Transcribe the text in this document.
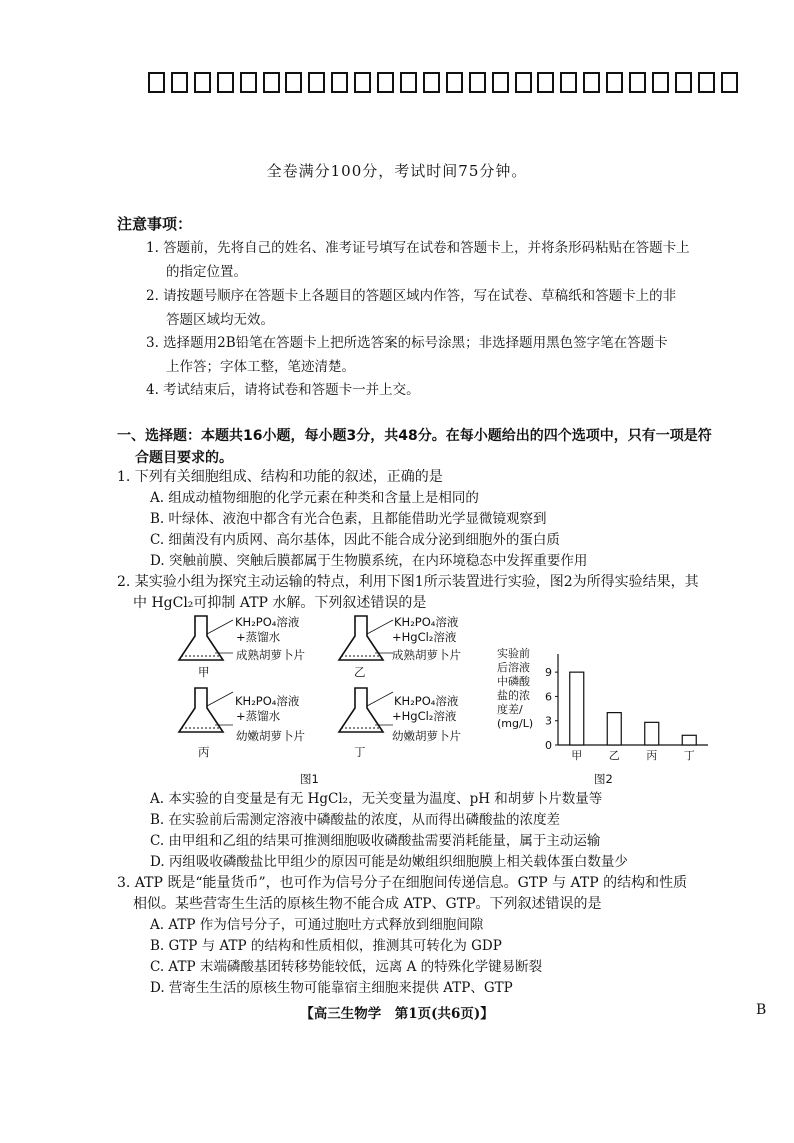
全卷满分100分，考试时间75分钟。
注意事项：
1. 答题前，先将自己的姓名、准考证号填写在试卷和答题卡上，并将条形码粘贴在答题卡上
的指定位置。
2. 请按题号顺序在答题卡上各题目的答题区域内作答，写在试卷、草稿纸和答题卡上的非
答题区域均无效。
3. 选择题用2B铅笔在答题卡上把所选答案的标号涂黑；非选择题用黑色签字笔在答题卡
上作答；字体工整，笔迹清楚。
4. 考试结束后，请将试卷和答题卡一并上交。
一、选择题：本题共16小题，每小题3分，共48分。在每小题给出的四个选项中，只有一项是符
合题目要求的。
1. 下列有关细胞组成、结构和功能的叙述，正确的是
A. 组成动植物细胞的化学元素在种类和含量上是相同的
B. 叶绿体、液泡中都含有光合色素，且都能借助光学显微镜观察到
C. 细菌没有内质网、高尔基体，因此不能合成分泌到细胞外的蛋白质
D. 突触前膜、突触后膜都属于生物膜系统，在内环境稳态中发挥重要作用
2. 某实验小组为探究主动运输的特点，利用下图1所示装置进行实验，图2为所得实验结果，其
中 HgCl₂可抑制 ATP 水解。下列叙述错误的是
KH₂PO₄溶液
+蒸馏水
成熟胡萝卜片
甲
KH₂PO₄溶液
+HgCl₂溶液
成熟胡萝卜片
乙
KH₂PO₄溶液
+蒸馏水
幼嫩胡萝卜片
丙
KH₂PO₄溶液
+HgCl₂溶液
幼嫩胡萝卜片
丁
图1
实验前
后溶液
中磷酸
盐的浓
度差/
(mg/L)
0
3
6
9
甲 乙 丙 丁
图2
A. 本实验的自变量是有无 HgCl₂，无关变量为温度、pH 和胡萝卜片数量等
B. 在实验前后需测定溶液中磷酸盐的浓度，从而得出磷酸盐的浓度差
C. 由甲组和乙组的结果可推测细胞吸收磷酸盐需要消耗能量，属于主动运输
D. 丙组吸收磷酸盐比甲组少的原因可能是幼嫩组织细胞膜上相关载体蛋白数量少
3. ATP 既是“能量货币”，也可作为信号分子在细胞间传递信息。GTP 与 ATP 的结构和性质
相似。某些营寄生生活的原核生物不能合成 ATP、GTP。下列叙述错误的是
A. ATP 作为信号分子，可通过胞吐方式释放到细胞间隙
B. GTP 与 ATP 的结构和性质相似，推测其可转化为 GDP
C. ATP 末端磷酸基团转移势能较低，远离 A 的特殊化学键易断裂
D. 营寄生生活的原核生物可能靠宿主细胞来提供 ATP、GTP
【高三生物学　第1页(共6页)】	B
